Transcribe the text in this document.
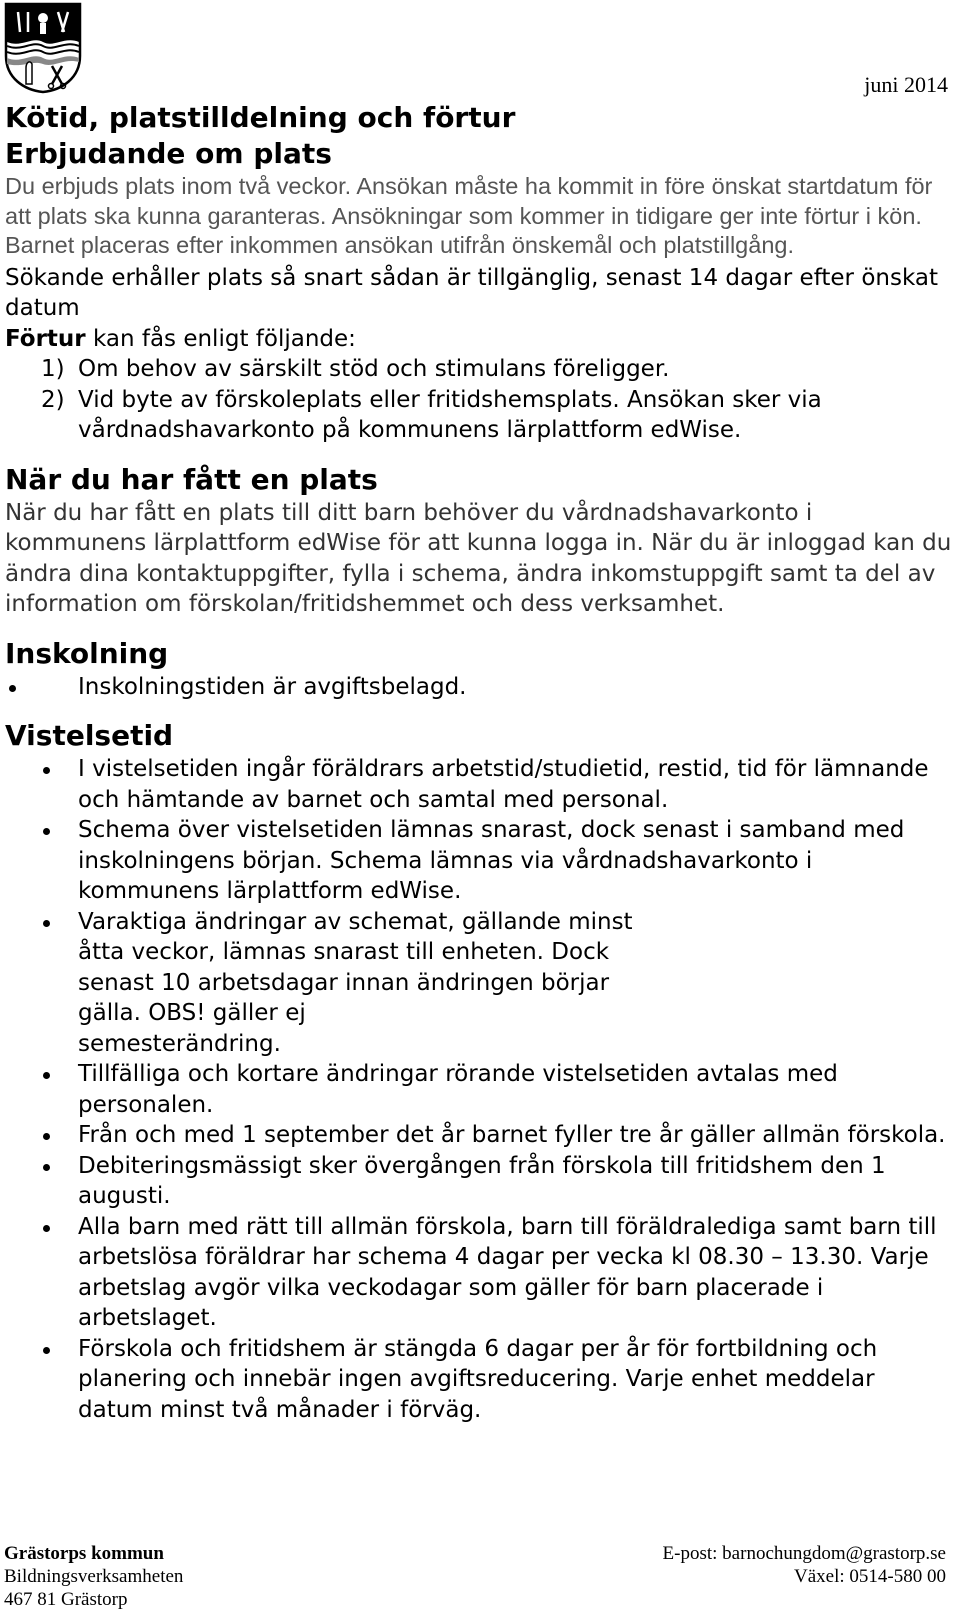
juni 2014
Kötid, platstilldelning och förtur
Erbjudande om plats

Du erbjuds plats inom två veckor. Ansökan måste ha kommit in före önskat startdatum för att plats ska kunna garanteras. Ansökningar som kommer in tidigare ger inte förtur i kön. Barnet placeras efter inkommen ansökan utifrån önskemål och platstillgång.

Sökande erhåller plats så snart sådan är tillgänglig, senast 14 dagar efter önskat datum

Förtur kan fås enligt följande:

1) Om behov av särskilt stöd och stimulans föreligger.
2) Vid byte av förskoleplats eller fritidshemsplats. Ansökan sker via vårdnadshavarkonto på kommunens lärplattform edWise.
När du har fått en plats

När du har fått en plats till ditt barn behöver du vårdnadshavarkonto i kommunens lärplattform edWise för att kunna logga in. När du är inloggad kan du ändra dina kontaktuppgifter, fylla i schema, ändra inkomstuppgift samt ta del av information om förskolan/fritidshemmet och dess verksamhet.

Inskolning
Inskolningstiden är avgiftsbelagd.
Vistelsetid
I vistelsetiden ingår föräldrars arbetstid/studietid, restid, tid för lämnande och hämtande av barnet och samtal med personal.
Schema över vistelsetiden lämnas snarast, dock senast i samband med inskolningens början. Schema lämnas via vårdnadshavarkonto i kommunens lärplattform edWise.
Varaktiga ändringar av schemat, gällande minst åtta veckor, lämnas snarast till enheten. Dock senast 10 arbetsdagar innan ändringen börjar gälla. OBS! gäller ej
semesterändring.
Tillfälliga och kortare ändringar rörande vistelsetiden avtalas med personalen.
Från och med 1 september det år barnet fyller tre år gäller allmän förskola.
Debiteringsmässigt sker övergången från förskola till fritidshem den 1 augusti.
Alla barn med rätt till allmän förskola, barn till föräldralediga samt barn till arbetslösa föräldrar har schema 4 dagar per vecka kl 08.30 – 13.30. Varje arbetslag avgör vilka veckodagar som gäller för barn placerade i arbetslaget.
Förskola och fritidshem är stängda 6 dagar per år för fortbildning och planering och innebär ingen avgiftsreducering. Varje enhet meddelar datum minst två månader i förväg.
Grästorps kommun
Bildningsverksamheten
467 81 Grästorp
E-post: barnochungdom@grastorp.se
Växel: 0514-580 00
